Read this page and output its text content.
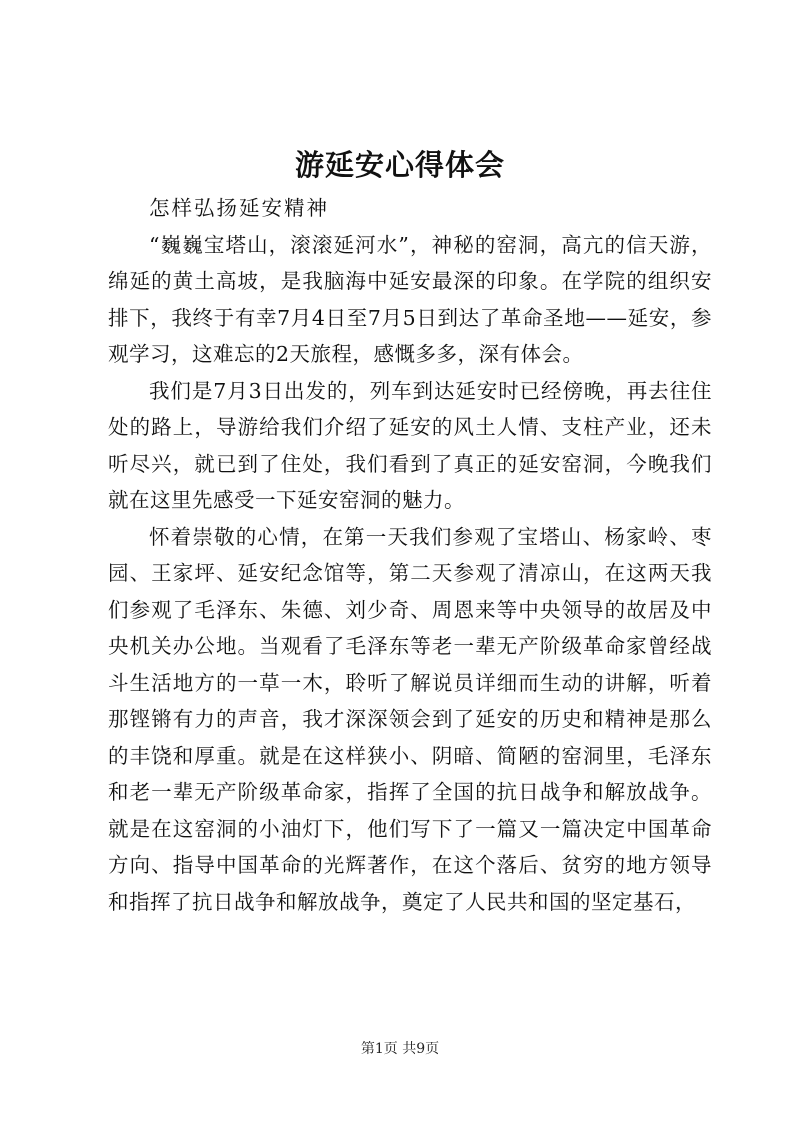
游延安心得体会

怎样弘扬延安精神

“巍巍宝塔山，滚滚延河水”，神秘的窑洞，高亢的信天游，绵延的黄土高坡，是我脑海中延安最深的印象。在学院的组织安排下，我终于有幸7月4日至7月5日到达了革命圣地——延安，参观学习，这难忘的2天旅程，感慨多多，深有体会。

我们是7月3日出发的，列车到达延安时已经傍晚，再去往住处的路上，导游给我们介绍了延安的风土人情、支柱产业，还未听尽兴，就已到了住处，我们看到了真正的延安窑洞，今晚我们就在这里先感受一下延安窑洞的魅力。

怀着崇敬的心情，在第一天我们参观了宝塔山、杨家岭、枣园、王家坪、延安纪念馆等，第二天参观了清凉山，在这两天我们参观了毛泽东、朱德、刘少奇、周恩来等中央领导的故居及中央机关办公地。当观看了毛泽东等老一辈无产阶级革命家曾经战斗生活地方的一草一木，聆听了解说员详细而生动的讲解，听着那铿锵有力的声音，我才深深领会到了延安的历史和精神是那么的丰饶和厚重。就是在这样狭小、阴暗、简陋的窑洞里，毛泽东和老一辈无产阶级革命家，指挥了全国的抗日战争和解放战争。就是在这窑洞的小油灯下，他们写下了一篇又一篇决定中国革命方向、指导中国革命的光辉著作，在这个落后、贫穷的地方领导和指挥了抗日战争和解放战争，奠定了人民共和国的坚定基石，

第1页 共9页
